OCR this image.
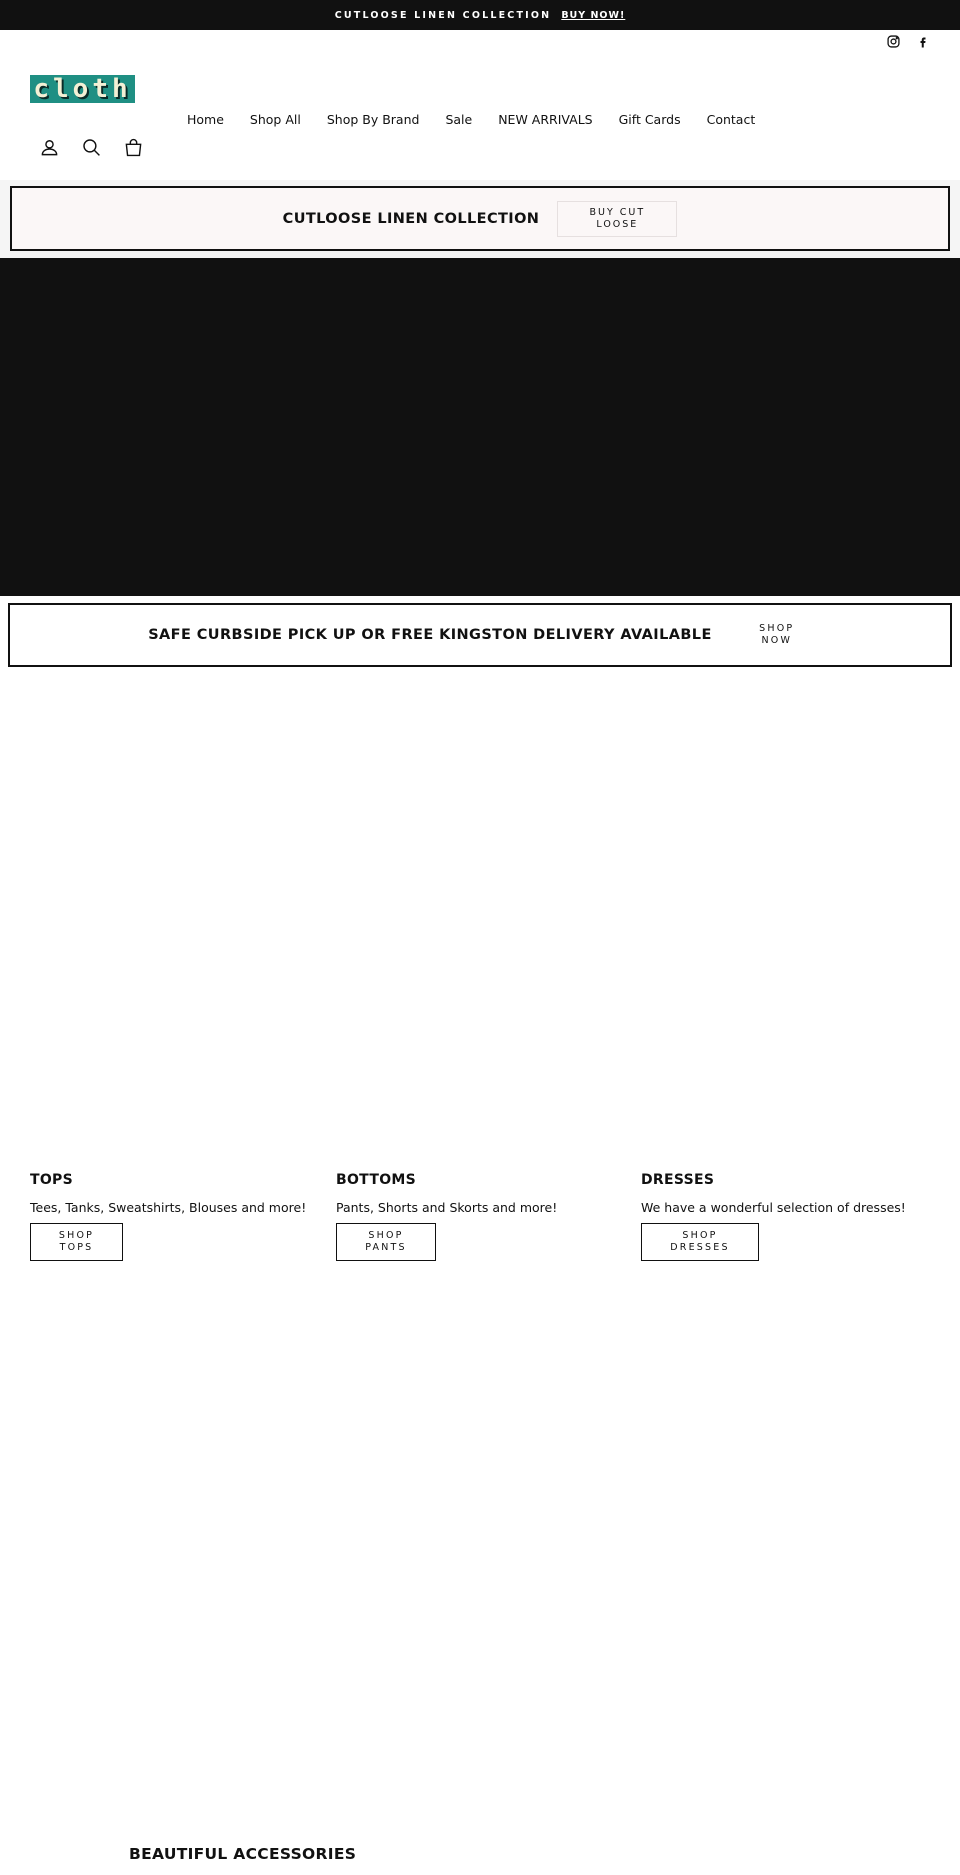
CUTLOOSE LINEN COLLECTION BUY NOW!
cloth
Home Shop All Shop By Brand Sale NEW ARRIVALS Gift Cards Contact
CUTLOOSE LINEN COLLECTION	BUY CUT LOOSE
SAFE CURBSIDE PICK UP OR FREE KINGSTON DELIVERY AVAILABLE	SHOP NOW
TOPS

Tees, Tanks, Sweatshirts, Blouses and more!

SHOP TOPS
BOTTOMS

Pants, Shorts and Skorts and more!

SHOP PANTS
DRESSES

We have a wonderful selection of dresses!

SHOP DRESSES
BEAUTIFUL ACCESSORIES
